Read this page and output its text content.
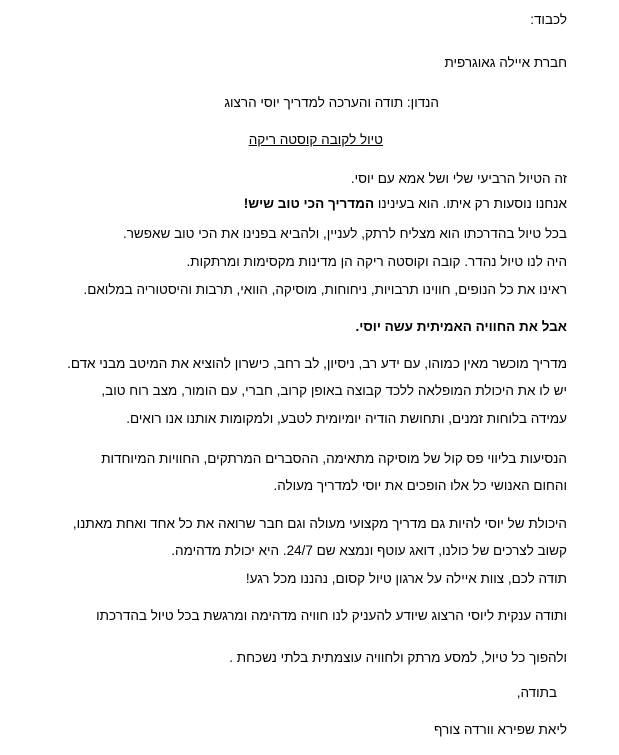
לכבוד:
חברת איילה גאוגרפית
הנדון: תודה והערכה למדריך יוסי הרצוג
טיול לקובה קוסטה ריקה
זה הטיול הרביעי שלי ושל אמא עם יוסי.
אנחנו נוסעות רק איתו. הוא בעינינו המדריך הכי טוב שיש!
בכל טיול בהדרכתו הוא מצליח לרתק, לעניין, ולהביא בפנינו את הכי טוב שאפשר.
היה לנו טיול נהדר. קובה וקוסטה ריקה הן מדינות מקסימות ומרתקות.
ראינו את כל הנופים, חווינו תרבויות, ניחוחות, מוסיקה, הוואי, תרבות והיסטוריה במלואם.
אבל את החוויה האמיתית עשה יוסי.
מדריך מוכשר מאין כמוהו, עם ידע רב, ניסיון, לב רחב, כישרון להוציא את המיטב מבני אדם.
יש לו את היכולת המופלאה ללכד קבוצה באופן קרוב, חברי, עם הומור, מצב רוח טוב,
עמידה בלוחות זמנים, ותחושת הודיה יומיומית לטבע, ולמקומות אותנו אנו רואים.
הנסיעות בליווי פס קול של מוסיקה מתאימה, ההסברים המרתקים, החוויות המיוחדות
והחום האנושי כל אלו הופכים את יוסי למדריך מעולה.
היכולת של יוסי להיות גם מדריך מקצועי מעולה וגם חבר שרואה את כל אחד ואחת מאתנו,
קשוב לצרכים של כולנו, דואג עוטף ונמצא שם 24/7. היא יכולת מדהימה.
תודה לכם, צוות איילה על ארגון טיול קסום, נהננו מכל רגע!
ותודה ענקית ליוסי הרצוג שיודע להעניק לנו חוויה מדהימה ומרגשת בכל טיול בהדרכתו
ולהפוך כל טיול, למסע מרתק ולחוויה עוצמתית בלתי נשכחת .
בתודה,
ליאת שפירא וורדה צורף
